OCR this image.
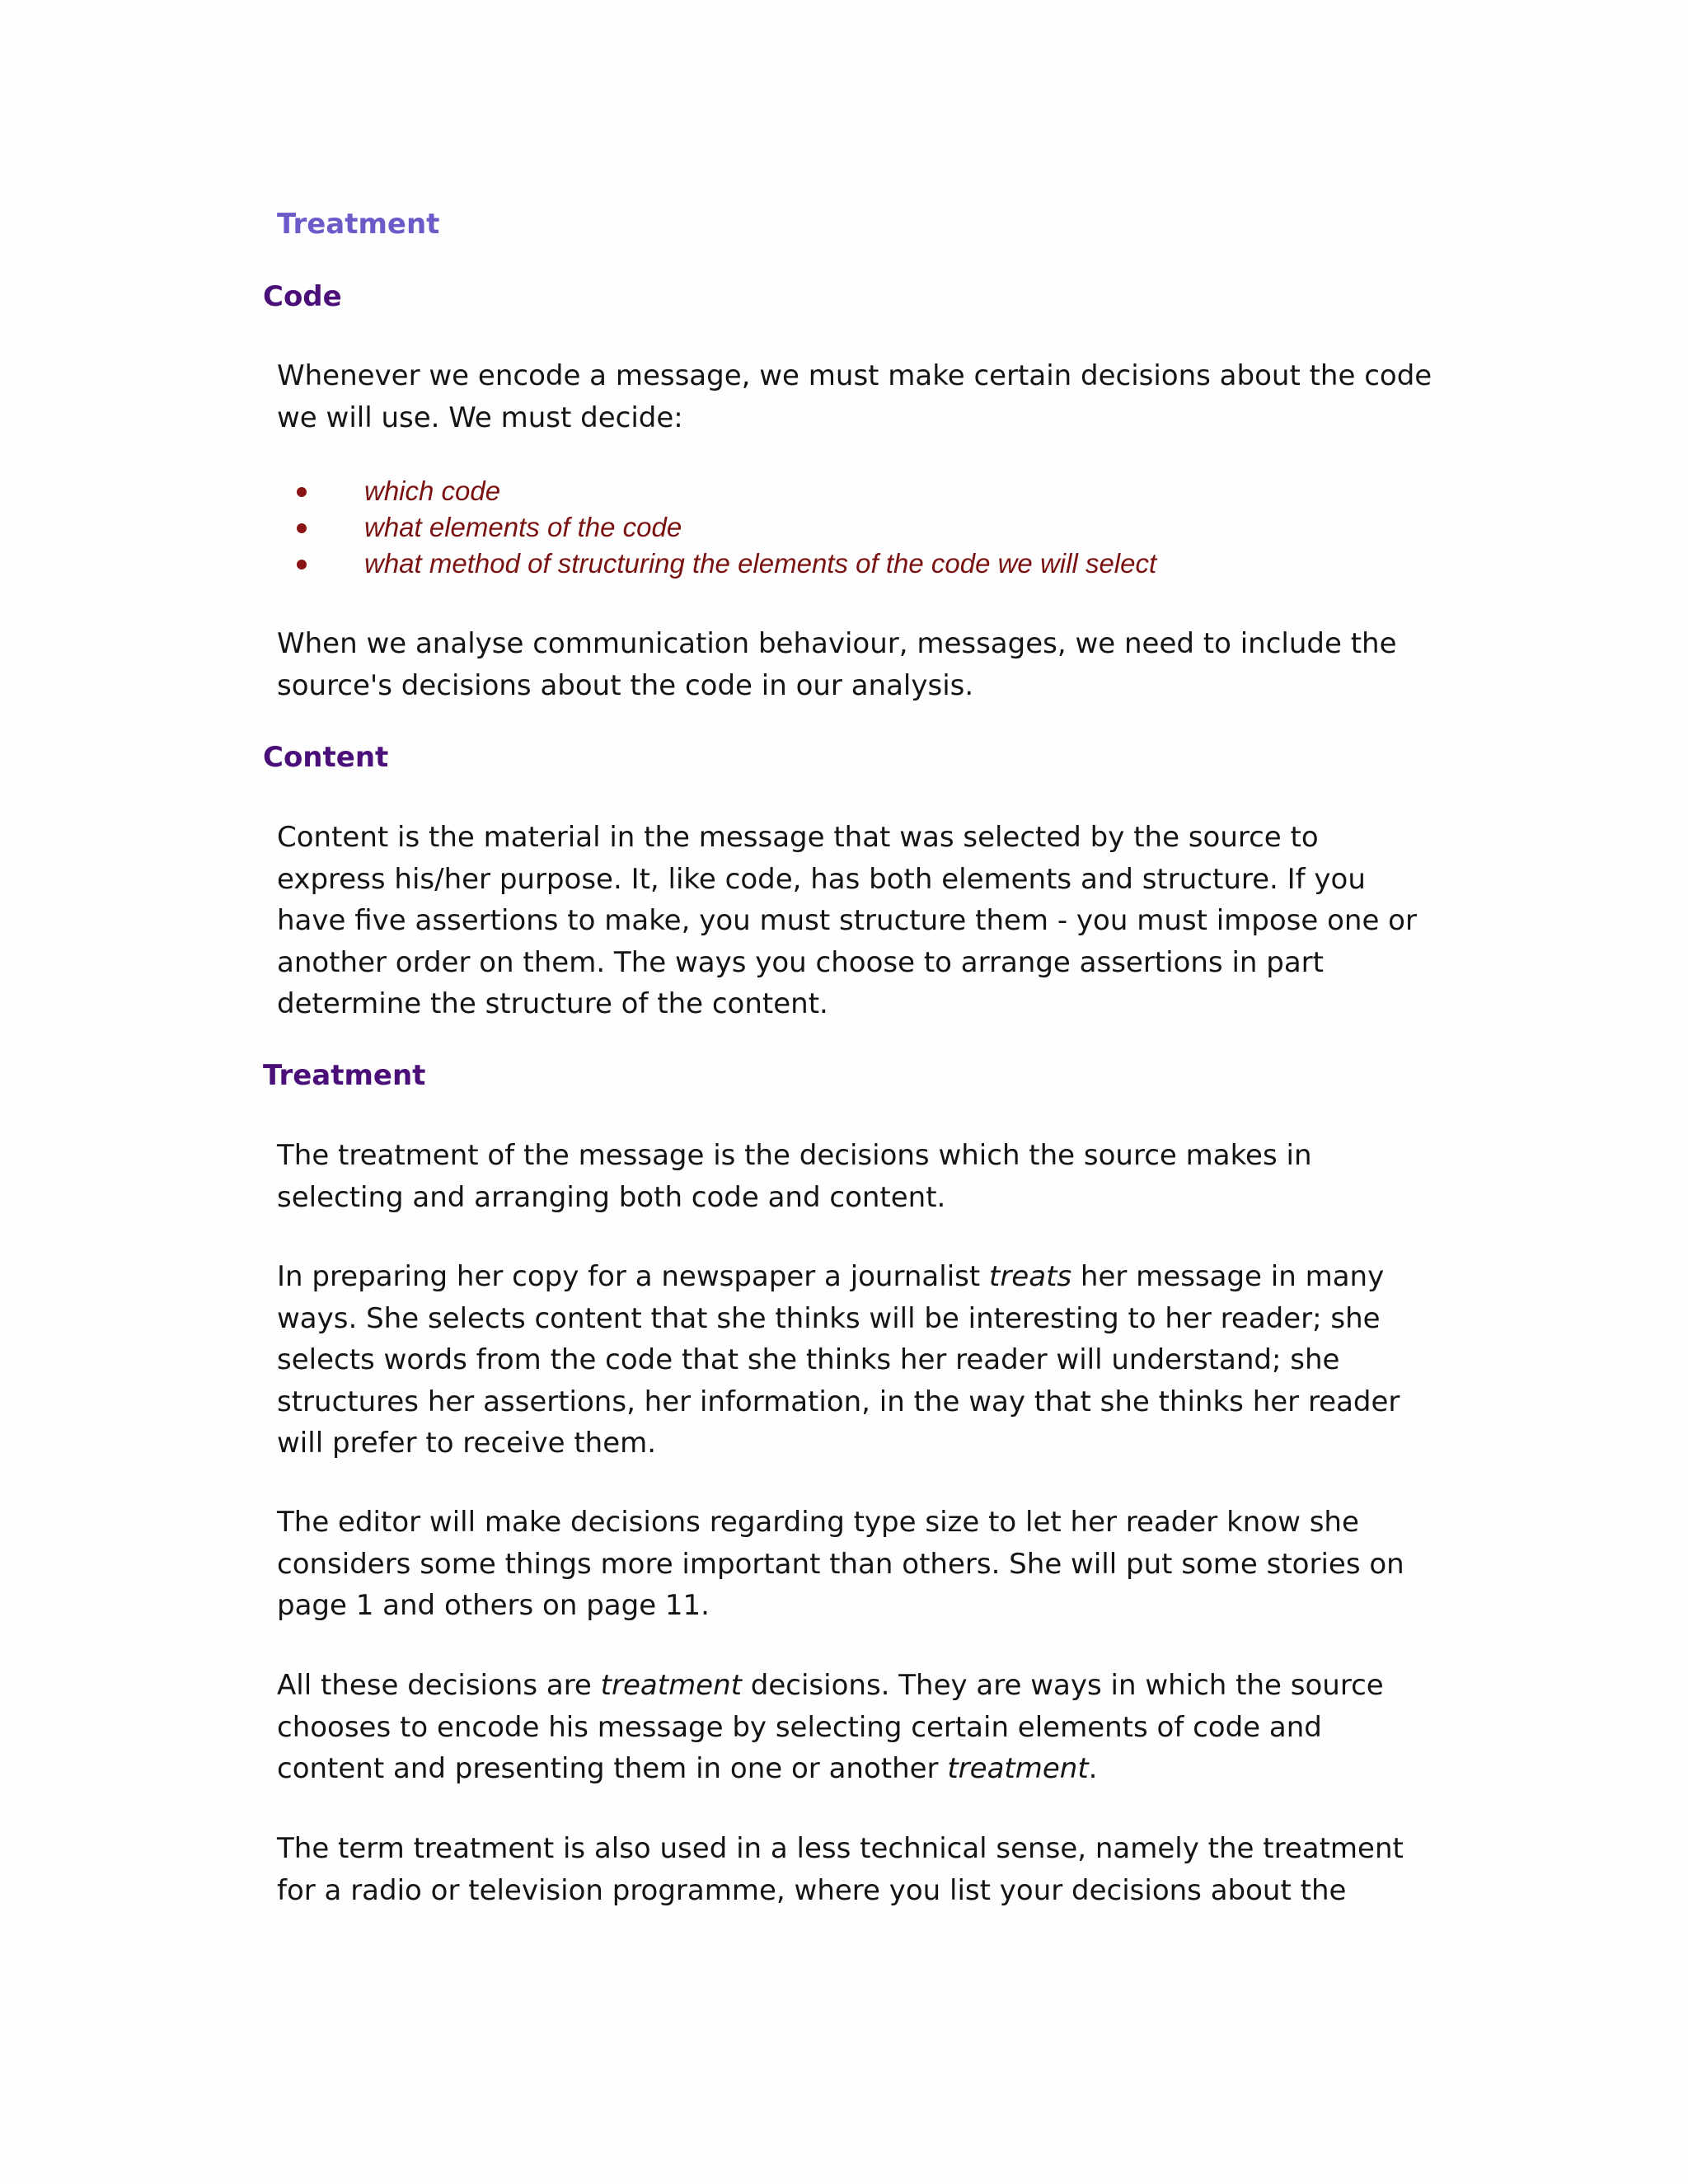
Treatment
Code

Whenever we encode a message, we must make certain decisions about the code
we will use. We must decide:

which code
what elements of the code
what method of structuring the elements of the code we will select

When we analyse communication behaviour, messages, we need to include the
source's decisions about the code in our analysis.

Content

Content is the material in the message that was selected by the source to
express his/her purpose. It, like code, has both elements and structure. If you
have five assertions to make, you must structure them - you must impose one or
another order on them. The ways you choose to arrange assertions in part
determine the structure of the content.

Treatment

The treatment of the message is the decisions which the source makes in
selecting and arranging both code and content.

In preparing her copy for a newspaper a journalist treats her message in many
ways. She selects content that she thinks will be interesting to her reader; she
selects words from the code that she thinks her reader will understand; she
structures her assertions, her information, in the way that she thinks her reader
will prefer to receive them.

The editor will make decisions regarding type size to let her reader know she
considers some things more important than others. She will put some stories on
page 1 and others on page 11.

All these decisions are treatment decisions. They are ways in which the source
chooses to encode his message by selecting certain elements of code and
content and presenting them in one or another treatment.

The term treatment is also used in a less technical sense, namely the treatment
for a radio or television programme, where you list your decisions about the
